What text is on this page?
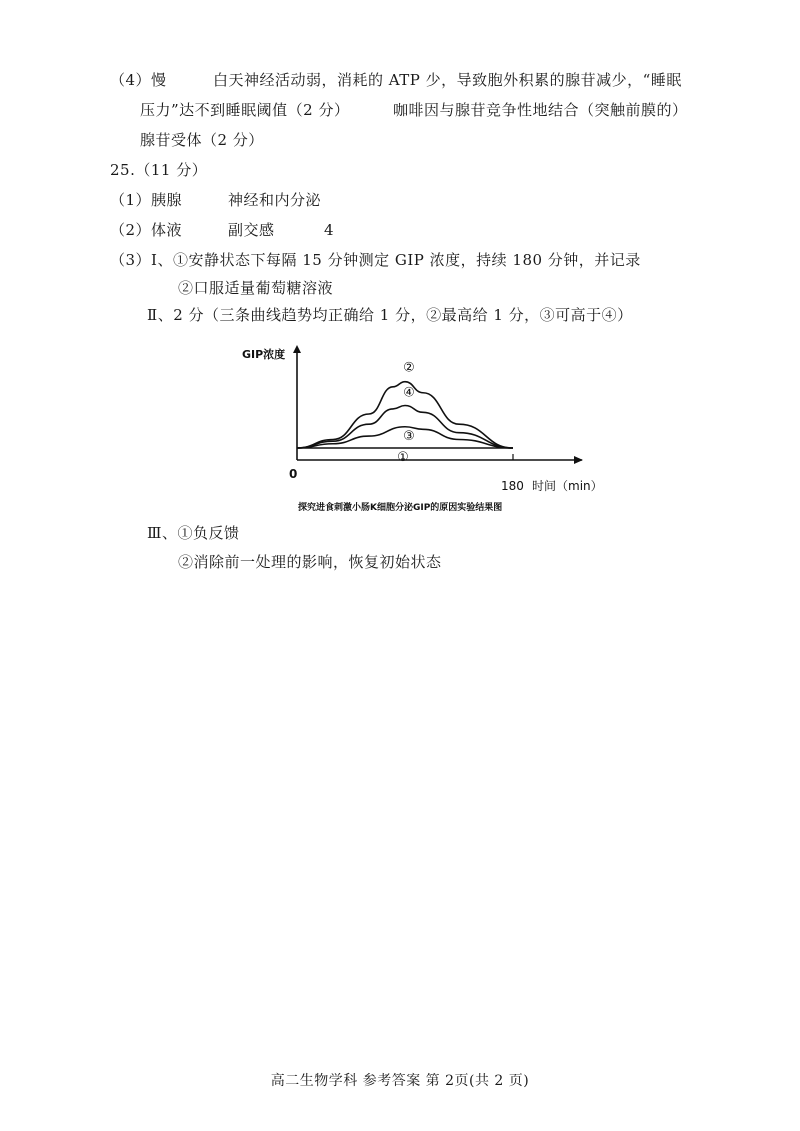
（4）慢	白天神经活动弱，消耗的 ATP 少，导致胞外积累的腺苷减少，“睡眠
压力”达不到睡眠阈值（2 分）	咖啡因与腺苷竞争性地结合（突触前膜的）
腺苷受体（2 分）
25.（11 分）
（1）胰腺	神经和内分泌
（2）体液	副交感	4
（3）Ⅰ、①安静状态下每隔 15 分钟测定 GIP 浓度，持续 180 分钟，并记录
②口服适量葡萄糖溶液
Ⅱ、2 分（三条曲线趋势均正确给 1 分，②最高给 1 分，③可高于④）
GIP浓度
0
180 时间（min）
探究进食刺激小肠K细胞分泌GIP的原因实验结果图
①
②
③
④
Ⅲ、①负反馈
②消除前一处理的影响，恢复初始状态
高二生物学科 参考答案 第 2页(共 2 页)
